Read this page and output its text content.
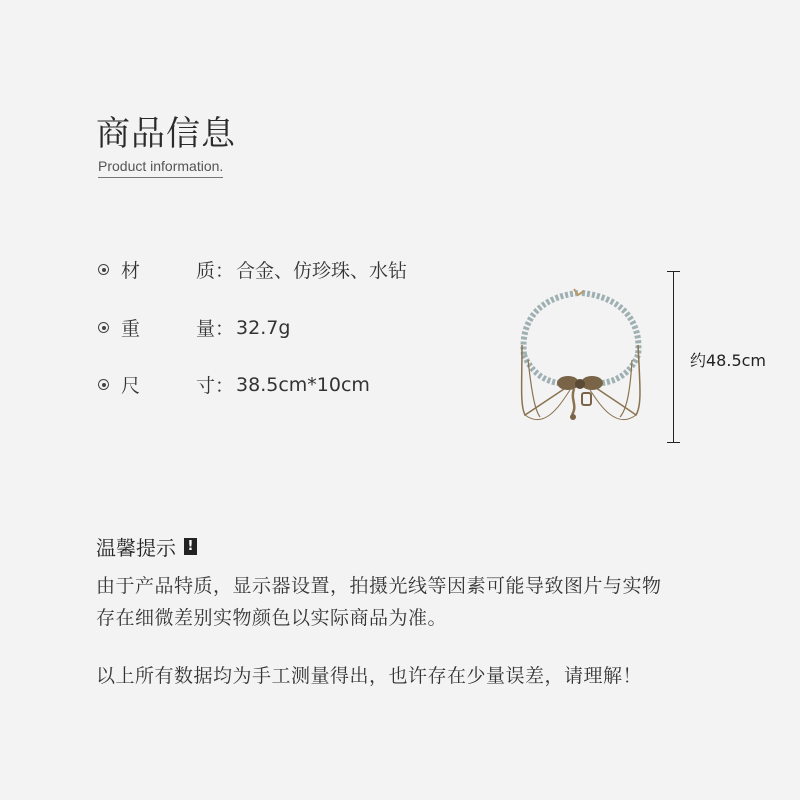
商品信息
Product information.
材	质 ： 合金、仿珍珠、水钻
重	量 ： 32.7g
尺	寸 ： 38.5cm*10cm
约48.5cm
温馨提示 !
由于产品特质，显示器设置，拍摄光线等因素可能导致图片与实物
存在细微差别实物颜色以实际商品为准。
以上所有数据均为手工测量得出，也许存在少量误差，请理解！
